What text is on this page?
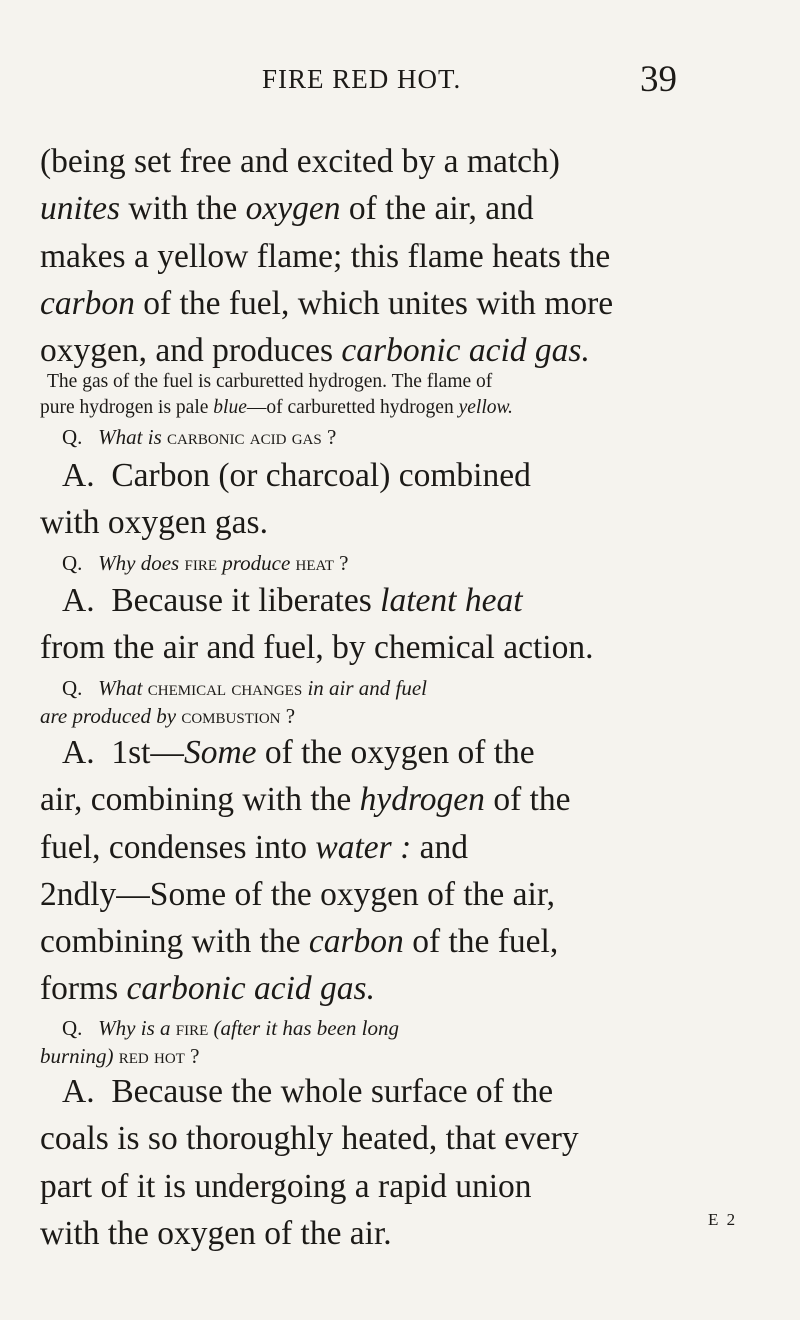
FIRE RED HOT.	39
(being set free and excited by a match)
unites with the oxygen of the air, and
makes a yellow flame; this flame heats the
carbon of the fuel, which unites with more
oxygen, and produces carbonic acid gas.
The gas of the fuel is carburetted hydrogen. The flame of
pure hydrogen is pale blue—of carburetted hydrogen yellow.
Q. What is carbonic acid gas ?
A. Carbon (or charcoal) combined
with oxygen gas.
Q. Why does fire produce heat ?
A. Because it liberates latent heat
from the air and fuel, by chemical action.
Q. What chemical changes in air and fuel
are produced by combustion ?
A. 1st—Some of the oxygen of the
air, combining with the hydrogen of the
fuel, condenses into water : and
2ndly—Some of the oxygen of the air,
combining with the carbon of the fuel,
forms carbonic acid gas.
Q. Why is a fire (after it has been long
burning) red hot ?
A. Because the whole surface of the
coals is so thoroughly heated, that every
part of it is undergoing a rapid union
with the oxygen of the air.	E 2
